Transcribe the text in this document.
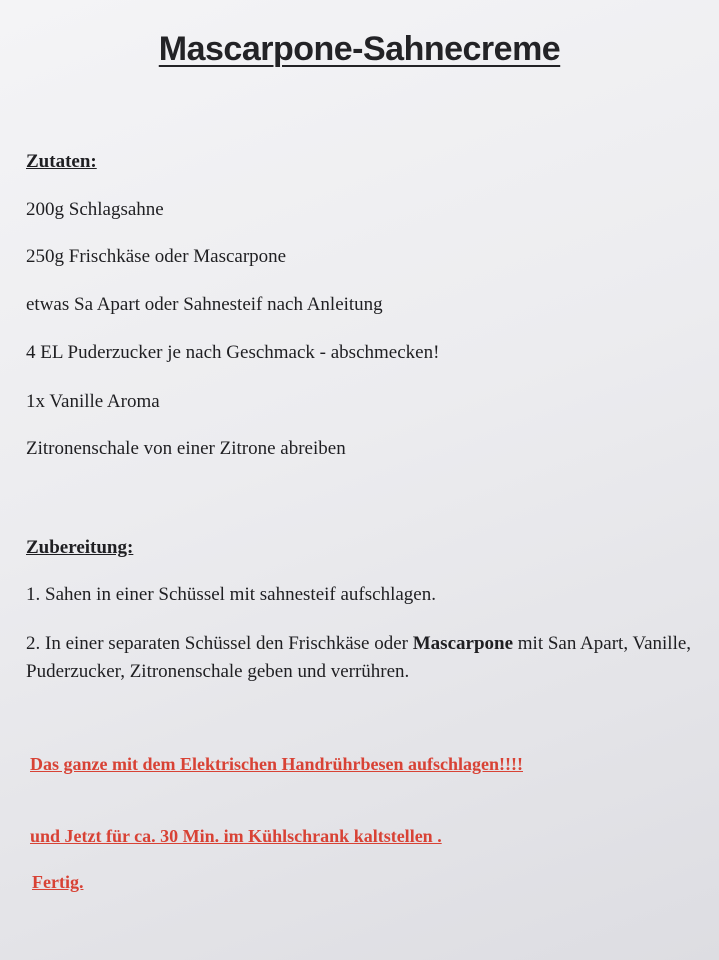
Mascarpone-Sahnecreme
Zutaten:
200g Schlagsahne
250g Frischkäse oder Mascarpone
etwas Sa Apart oder Sahnesteif nach Anleitung
4 EL Puderzucker je nach Geschmack - abschmecken!
1x Vanille Aroma
Zitronenschale von einer Zitrone abreiben
Zubereitung:
1. Sahen in einer Schüssel mit sahnesteif aufschlagen.
2. In einer separaten Schüssel den Frischkäse oder Mascarpone mit San Apart, Vanille, Puderzucker, Zitronenschale geben und verrühren.
Das ganze mit dem Elektrischen Handrührbesen aufschlagen!!!!
und Jetzt für ca. 30 Min. im Kühlschrank kaltstellen .
Fertig.
